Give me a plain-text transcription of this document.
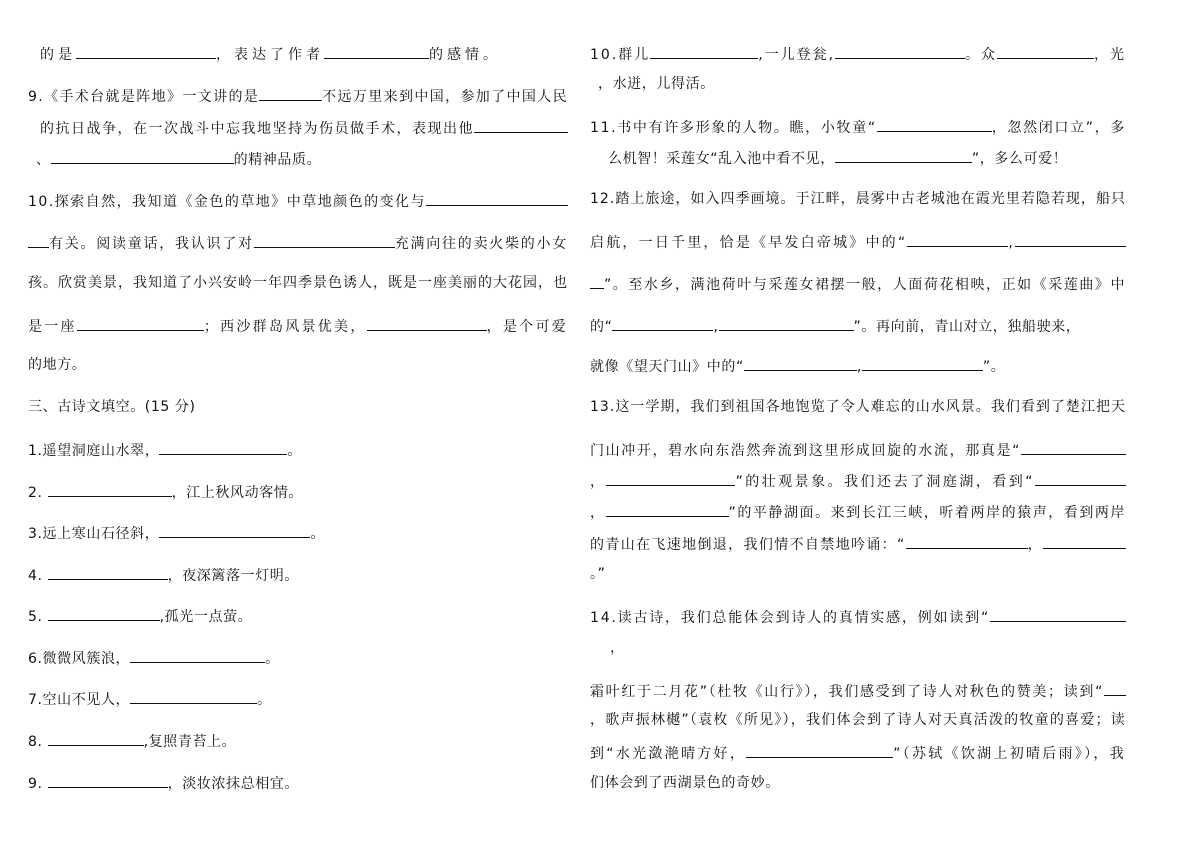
的是	，表达了作者	的感情。
9.《手术台就是阵地》一文讲的是	不远万里来到中国，参加了中国人民
的抗日战争，在一次战斗中忘我地坚持为伤员做手术，表现出他
、	的精神品质。
10.探索自然，我知道《金色的草地》中草地颜色的变化与
有关。阅读童话，我认识了对	充满向往的卖火柴的小女
孩。欣赏美景，我知道了小兴安岭一年四季景色诱人，既是一座美丽的大花园，也
是一座	；西沙群岛风景优美，	，是个可爱
的地方。
三、古诗文填空。(15 分)
1.遥望洞庭山水翠，	。
2.	，江上秋风动客情。
3.远上寒山石径斜，	。
4.	，夜深篱落一灯明。
5.	,孤光一点萤。
6.微微风簇浪，	。
7.空山不见人，	。
8.	,复照青苔上。
9.	，淡妆浓抹总相宜。
10.群儿	,一儿登瓮,	。众	，光
，水迸，儿得活。
11.书中有许多形象的人物。瞧，小牧童“	，忽然闭口立”，多
么机智！采莲女“乱入池中看不见，	”，多么可爱！
12.踏上旅途，如入四季画境。于江畔，晨雾中古老城池在霞光里若隐若现，船只
启航，一日千里，恰是《早发白帝城》中的“	,
”。至水乡，满池荷叶与采莲女裙摆一般，人面荷花相映，正如《采莲曲》中
的“	,	”。再向前，青山对立，独船驶来，
就像《望天门山》中的“	,	”。
13.这一学期，我们到祖国各地饱览了令人难忘的山水风景。我们看到了楚江把天
门山冲开，碧水向东浩然奔流到这里形成回旋的水流，那真是“
，	”的壮观景象。我们还去了洞庭湖，看到“
，	”的平静湖面。来到长江三峡，听着两岸的猿声，看到两岸
的青山在飞速地倒退，我们情不自禁地吟诵：“	，
。”
14.读古诗，我们总能体会到诗人的真情实感，例如读到“
，
霜叶红于二月花”（杜牧《山行》），我们感受到了诗人对秋色的赞美；读到“
，歌声振林樾”（袁枚《所见》），我们体会到了诗人对天真活泼的牧童的喜爱；读
到“水光潋滟晴方好，	”（苏轼《饮湖上初晴后雨》），我
们体会到了西湖景色的奇妙。
